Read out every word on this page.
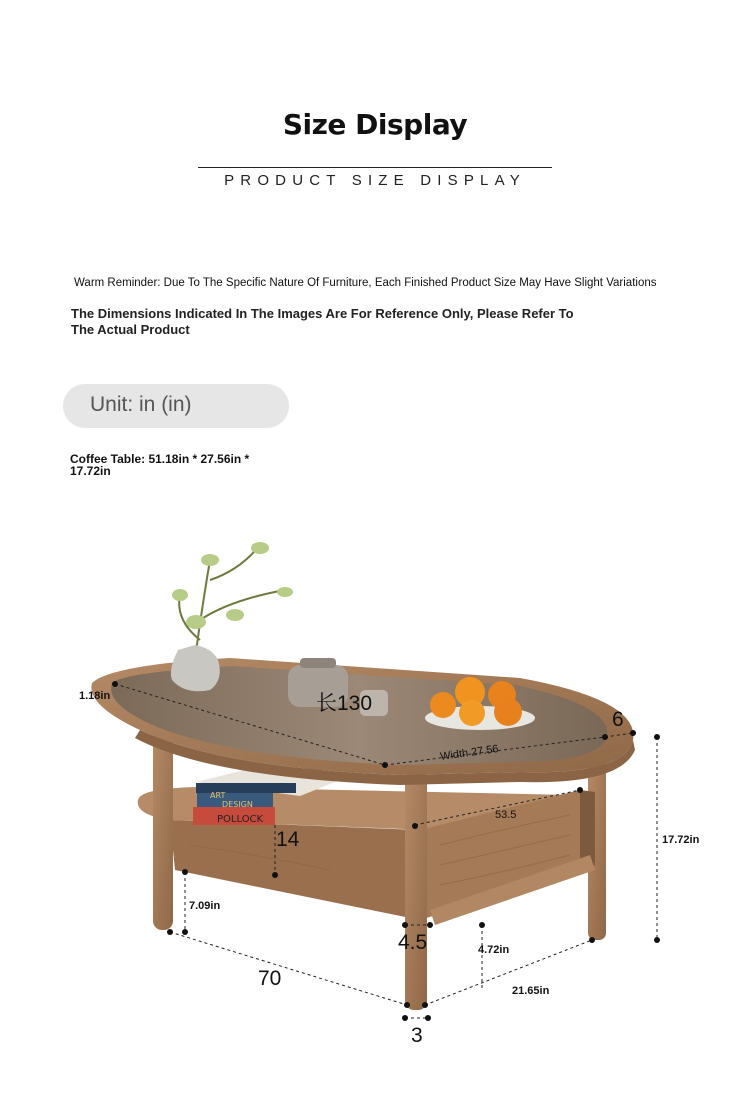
Size Display
PRODUCT SIZE DISPLAY
Warm Reminder: Due To The Specific Nature Of Furniture, Each Finished Product Size May Have Slight Variations
The Dimensions Indicated In The Images Are For Reference Only, Please Refer To The Actual Product
Unit: in (in)
Coffee Table: 51.18in * 27.56in * 17.72in
ART
DESIGN
POLLOCK
1.18in	长130
6
Width 27.56
14
53.5
17.72in
7.09in
4.5	4.72in
70
21.65in
3
